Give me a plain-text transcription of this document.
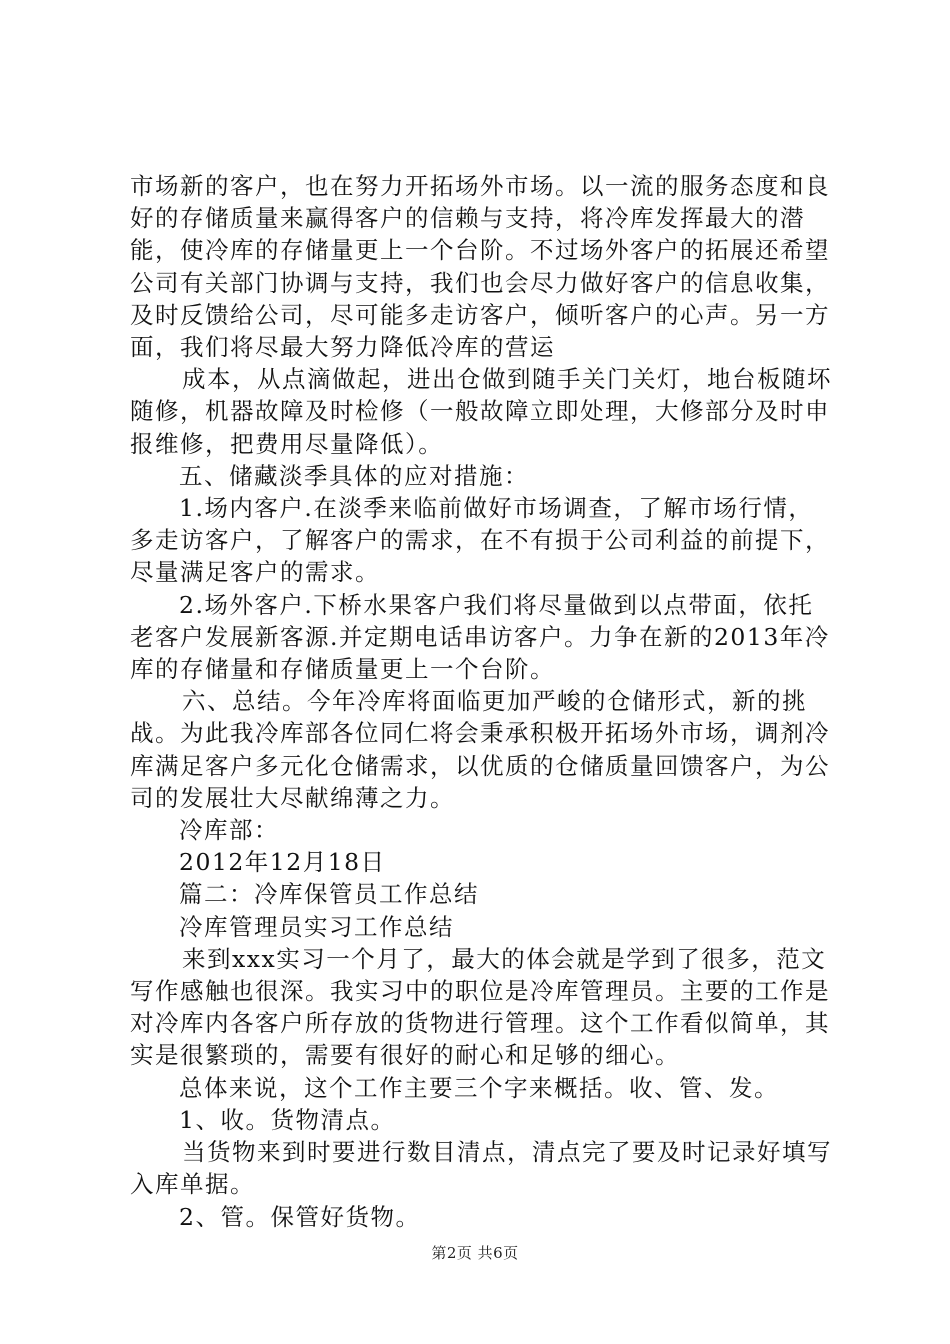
市场新的客户，也在努力开拓场外市场。以一流的服务态度和良好的存储质量来赢得客户的信赖与支持，将冷库发挥最大的潜能，使冷库的存储量更上一个台阶。不过场外客户的拓展还希望公司有关部门协调与支持，我们也会尽力做好客户的信息收集，及时反馈给公司，尽可能多走访客户，倾听客户的心声。另一方面，我们将尽最大努力降低冷库的营运

成本，从点滴做起，进出仓做到随手关门关灯，地台板随坏随修，机器故障及时检修（一般故障立即处理，大修部分及时申报维修，把费用尽量降低）。

五、储藏淡季具体的应对措施：

1.场内客户.在淡季来临前做好市场调查，了解市场行情，多走访客户，了解客户的需求，在不有损于公司利益的前提下，尽量满足客户的需求。

2.场外客户.下桥水果客户我们将尽量做到以点带面，依托老客户发展新客源.并定期电话串访客户。力争在新的2013年冷库的存储量和存储质量更上一个台阶。

六、总结。今年冷库将面临更加严峻的仓储形式，新的挑战。为此我冷库部各位同仁将会秉承积极开拓场外市场，调剂冷库满足客户多元化仓储需求，以优质的仓储质量回馈客户，为公司的发展壮大尽献绵薄之力。

冷库部：

2012年12月18日

篇二：冷库保管员工作总结

冷库管理员实习工作总结

来到xxx实习一个月了，最大的体会就是学到了很多，范文写作感触也很深。我实习中的职位是冷库管理员。主要的工作是对冷库内各客户所存放的货物进行管理。这个工作看似简单，其实是很繁琐的，需要有很好的耐心和足够的细心。

总体来说，这个工作主要三个字来概括。收、管、发。

1、收。货物清点。

当货物来到时要进行数目清点，清点完了要及时记录好填写入库单据。

2、管。保管好货物。

第2页 共6页
